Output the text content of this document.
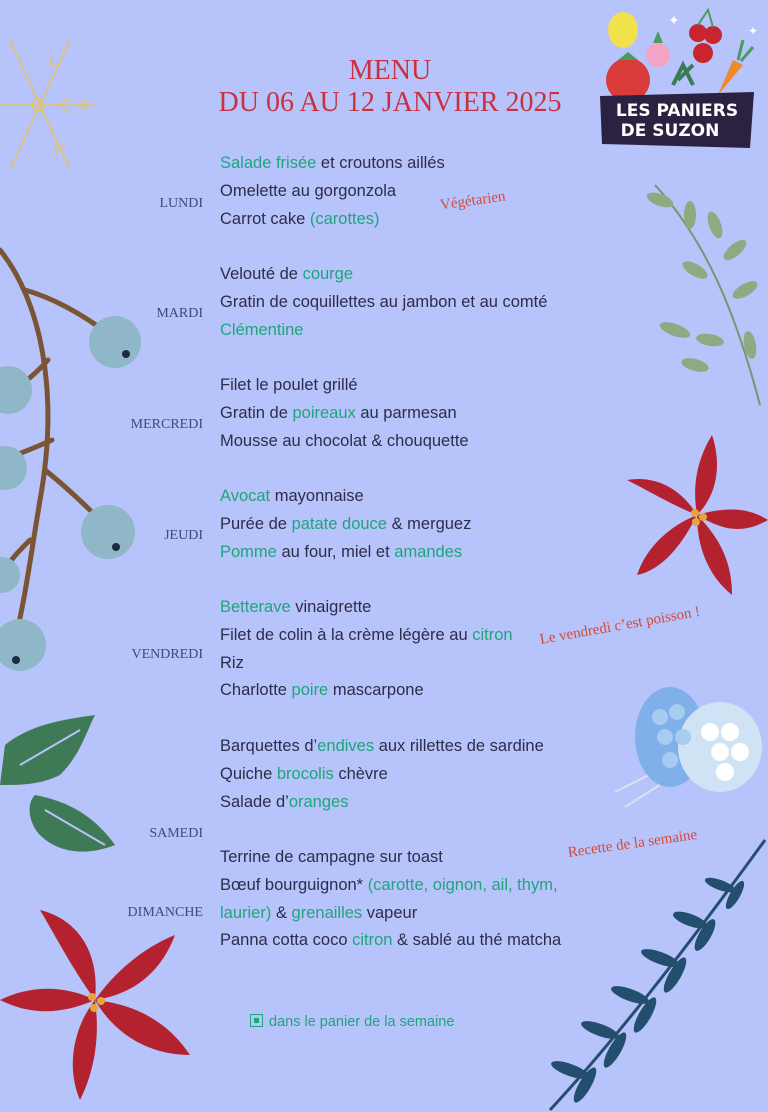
✦
✦
MENU
DU 06 AU 12 JANVIER 2025	LES PANIERS
DE SUZON
LUNDI
Salade frisée et croutons aillés
Omelette au gorgonzola
Carrot cake (carottes)
MARDI
Velouté de courge
Gratin de coquillettes au jambon et au comté
Clémentine
MERCREDI
Filet le poulet grillé
Gratin de poireaux au parmesan
Mousse au chocolat & chouquette
JEUDI
Avocat mayonnaise
Purée de patate douce & merguez
Pomme au four, miel et amandes
VENDREDI
Betterave vinaigrette
Filet de colin à la crème légère au citron
Riz
Charlotte poire mascarpone
SAMEDI
Barquettes d’endives aux rillettes de sardine
Quiche brocolis chèvre
Salade d’oranges
DIMANCHE
Terrine de campagne sur toast
Bœuf bourguignon* (carotte, oignon, ail, thym,
laurier) & grenailles vapeur
Panna cotta coco citron & sablé au thé matcha
Végétarien
Le vendredi c’est poisson !
Recette de la semaine
dans le panier de la semaine
